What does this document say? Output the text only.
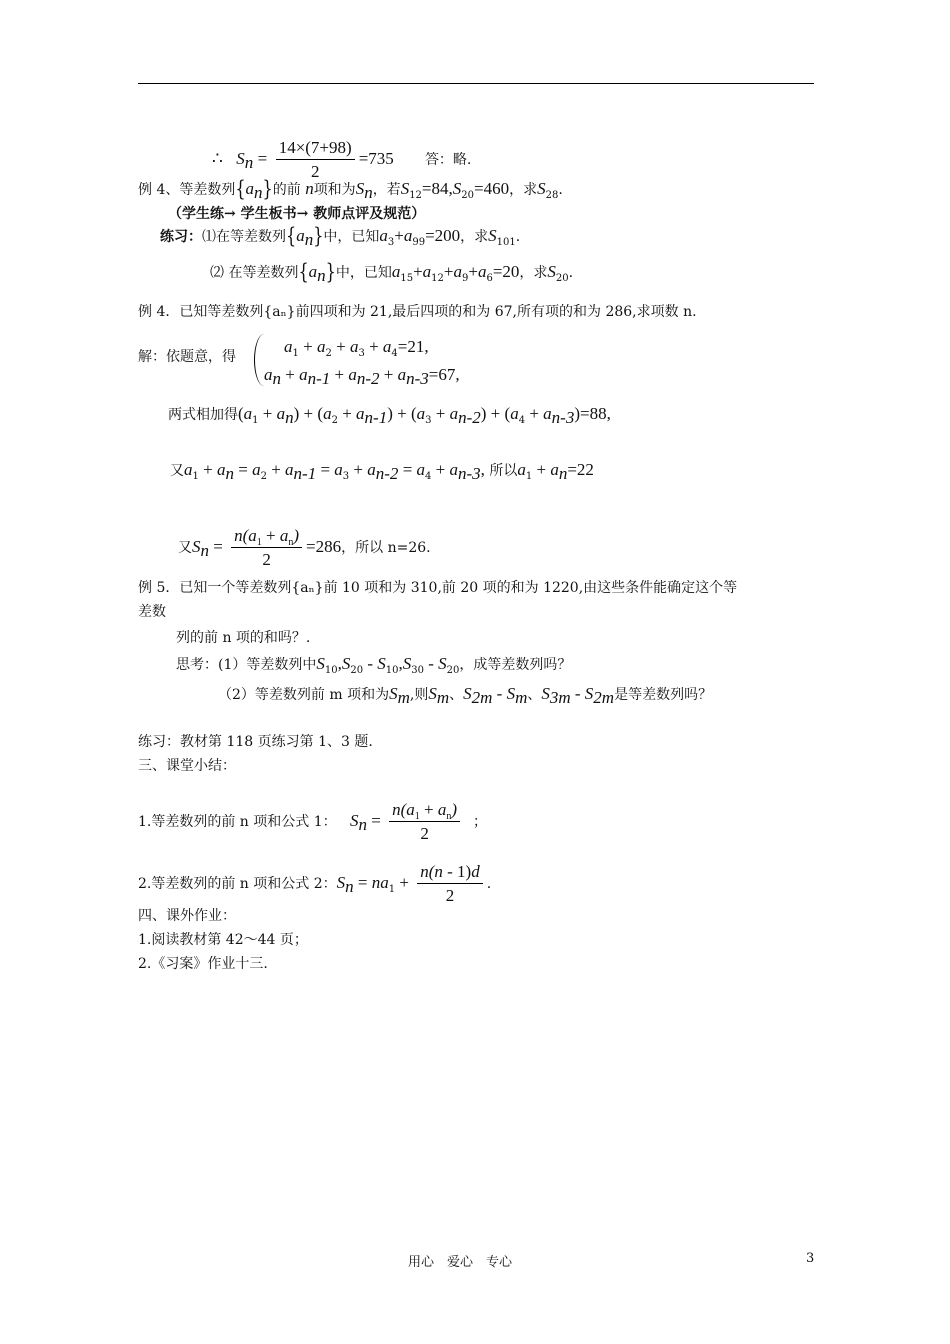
∴ $S_n = \frac{14\times(7+98)}{2} =735$ 答：略.
例 4、等差数列$\{a_n\}$的前 n项和为$S_n$，若$S_{12}=84,S_{20}=460$，求$S_{28}$.
（学生练→ 学生板书→ 教师点评及规范）
练习：⑴在等差数列$\{a_n\}$中，已知$a_3+a_{99}=200$，求$S_{101}$.
⑵ 在等差数列$\{a_n\}$中，已知$a_{15}+a_{12}+a_9+a_6=20$，求$S_{20}$.
例 4．已知等差数列{aₙ}前四项和为 21,最后四项的和为 67,所有项的和为 286,求项数 n.
解：依题意，得
$a_1 + a_2 + a_3 + a_4=21$,
$a_n + a_{n-1} + a_{n-2} + a_{n-3}=67$,
两式相加得$(a_1 + a_n) + (a_2 + a_{n-1}) + (a_3 + a_{n-2}) + (a_4 + a_{n-3})=88$,
又$a_1 + a_n = a_2 + a_{n-1} = a_3 + a_{n-2} = a_4 + a_{n-3}$, 所以$a_1 + a_n=22$
又$S_n = \frac{n(a_1 + a_n)}{2} =286$，所以 n=26.
例 5．已知一个等差数列{aₙ}前 10 项和为 310,前 20 项的和为 1220,由这些条件能确定这个等
差数
列的前 n 项的和吗？.
思考：(1）等差数列中$S_{10},S_{20} - S_{10},S_{30} - S_{20}$，成等差数列吗？
（2）等差数列前 m 项和为$S_m$,则$S_m$、$S_{2m} - S_m$、$S_{3m} - S_{2m}$是等差数列吗？
练习：教材第 118 页练习第 1、3 题.
三、课堂小结：
1.等差数列的前 n 项和公式 1： $S_n = \frac{n(a_1 + a_n)}{2}$ ；
2.等差数列的前 n 项和公式 2：$S_n = na_1 + \frac{n(n - 1)d}{2}$ .
四、课外作业：
1.阅读教材第 42～44 页；
2.《习案》作业十三.
用心　爱心　专心	3
